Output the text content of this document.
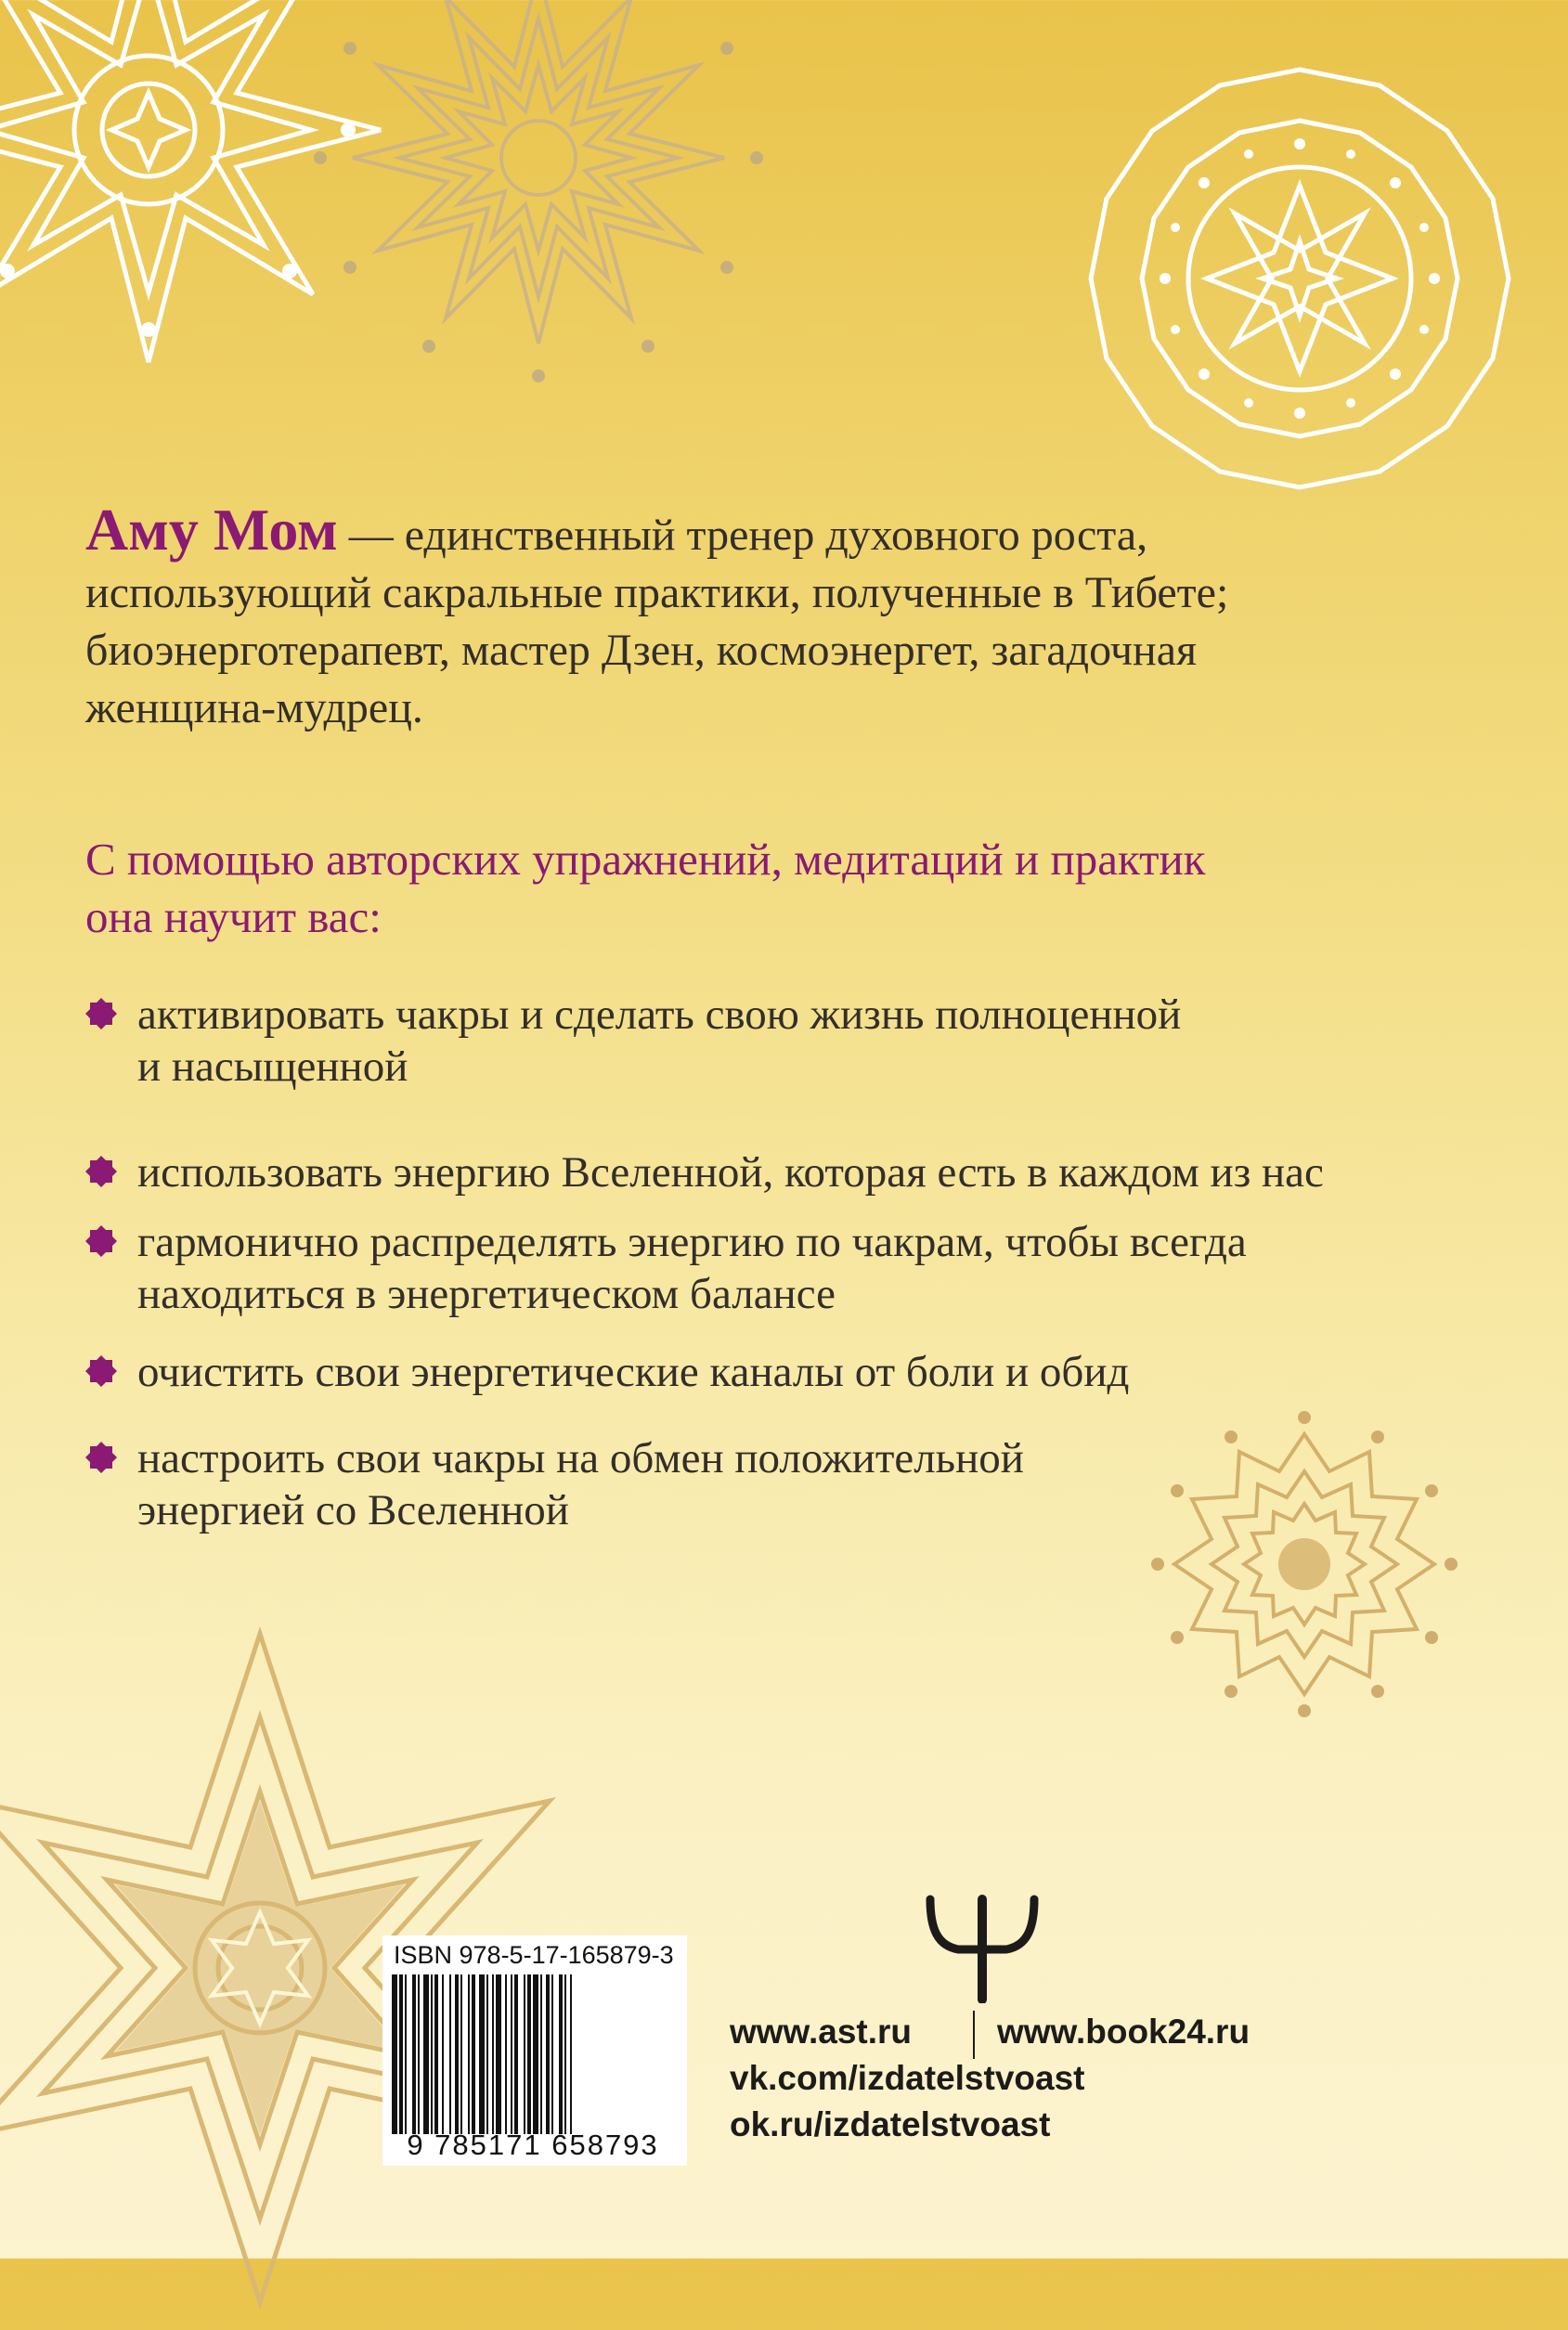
Аму Мом — единственный тренер духовного роста,
использующий сакральные практики, полученные в Тибете;
биоэнерготерапевт, мастер Дзен, космоэнергет, загадочная
женщина-мудрец.
С помощью авторских упражнений, медитаций и практик
она научит вас:
активировать чакры и сделать свою жизнь полноценной
и насыщенной
использовать энергию Вселенной, которая есть в каждом из нас
гармонично распределять энергию по чакрам, чтобы всегда
находиться в энергетическом балансе
очистить свои энергетические каналы от боли и обид
настроить свои чакры на обмен положительной
энергией со Вселенной
ISBN 978-5-17-165879-3
9 785171 658793
www.ast.ru www.book24.ru
vk.com/izdatelstvoast
ok.ru/izdatelstvoast
